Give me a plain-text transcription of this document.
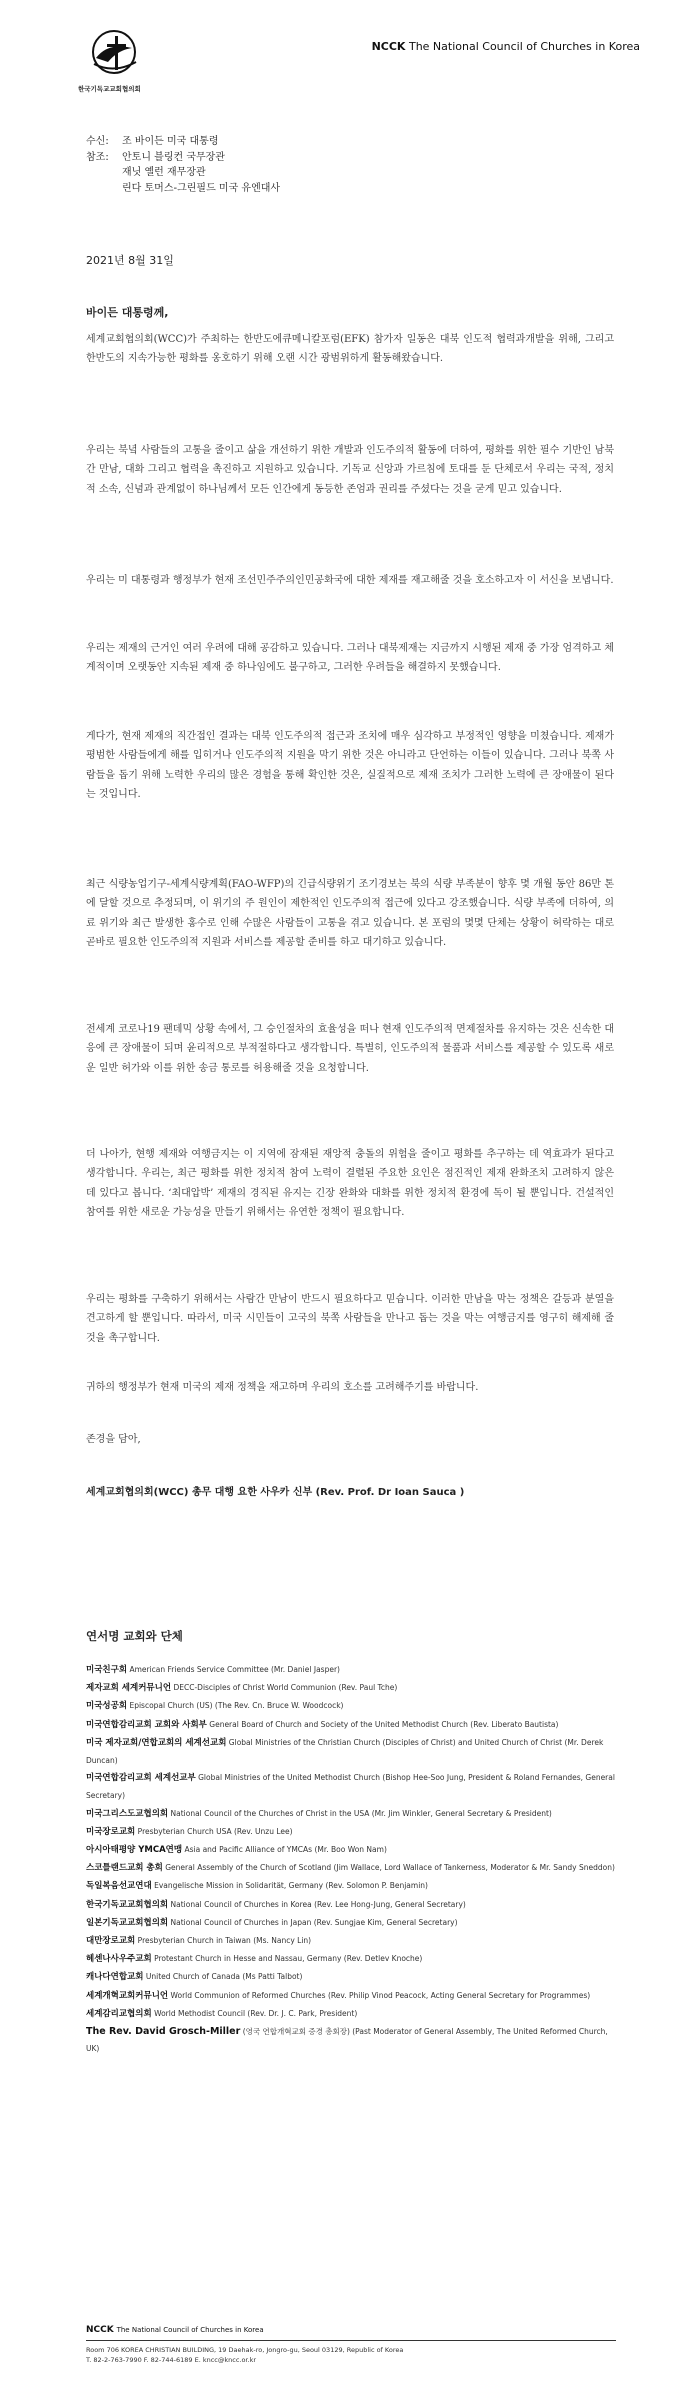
한국기독교교회협의회
NCCK The National Council of Churches in Korea
수신:	조 바이든 미국 대통령
참조:	안토니 블링컨 국무장관
재닛 옐런 재무장관
린다 토머스-그린필드 미국 유엔대사
2021년 8월 31일
바이든 대통령께,
세계교회협의회(WCC)가 주최하는 한반도에큐메니칼포럼(EFK) 참가자 일동은 대북 인도적 협력과개발을 위해, 그리고 한반도의 지속가능한 평화를 옹호하기 위해 오랜 시간 광범위하게 활동해왔습니다.
우리는 북녘 사람들의 고통을 줄이고 삶을 개선하기 위한 개발과 인도주의적 활동에 더하여, 평화를 위한 필수 기반인 남북간 만남, 대화 그리고 협력을 촉진하고 지원하고 있습니다. 기독교 신앙과 가르침에 토대를 둔 단체로서 우리는 국적, 정치적 소속, 신념과 관계없이 하나님께서 모든 인간에게 동등한 존엄과 권리를 주셨다는 것을 굳게 믿고 있습니다.
우리는 미 대통령과 행정부가 현재 조선민주주의인민공화국에 대한 제재를 재고해줄 것을 호소하고자 이 서신을 보냅니다.
우리는 제재의 근거인 여러 우려에 대해 공감하고 있습니다. 그러나 대북제재는 지금까지 시행된 제재 중 가장 엄격하고 체계적이며 오랫동안 지속된 제재 중 하나임에도 불구하고, 그러한 우려들을 해결하지 못했습니다.
게다가, 현재 제재의 직간접인 결과는 대북 인도주의적 접근과 조치에 매우 심각하고 부정적인 영향을 미쳤습니다. 제재가 평범한 사람들에게 해를 입히거나 인도주의적 지원을 막기 위한 것은 아니라고 단언하는 이들이 있습니다. 그러나 북쪽 사람들을 돕기 위해 노력한 우리의 많은 경험을 통해 확인한 것은, 실질적으로 제재 조치가 그러한 노력에 큰 장애물이 된다는 것입니다.
최근 식량농업기구-세계식량계획(FAO-WFP)의 긴급식량위기 조기경보는 북의 식량 부족분이 향후 몇 개월 동안 86만 톤에 달할 것으로 추정되며, 이 위기의 주 원인이 제한적인 인도주의적 접근에 있다고 강조했습니다. 식량 부족에 더하여, 의료 위기와 최근 발생한 홍수로 인해 수많은 사람들이 고통을 겪고 있습니다. 본 포럼의 몇몇 단체는 상황이 허락하는 대로 곧바로 필요한 인도주의적 지원과 서비스를 제공할 준비를 하고 대기하고 있습니다.
전세계 코로나19 팬데믹 상황 속에서, 그 승인절차의 효율성을 떠나 현재 인도주의적 면제절차를 유지하는 것은 신속한 대응에 큰 장애물이 되며 윤리적으로 부적절하다고 생각합니다. 특별히, 인도주의적 물품과 서비스를 제공할 수 있도록 새로운 일반 허가와 이를 위한 송금 통로를 허용해줄 것을 요청합니다.
더 나아가, 현행 제재와 여행금지는 이 지역에 잠재된 재앙적 충돌의 위험을 줄이고 평화를 추구하는 데 역효과가 된다고 생각합니다. 우리는, 최근 평화를 위한 정치적 참여 노력이 결렬된 주요한 요인은 점진적인 제재 완화조치 고려하지 않은 데 있다고 봅니다. ‘최대압박’ 제재의 경직된 유지는 긴장 완화와 대화를 위한 정치적 환경에 독이 될 뿐입니다. 건설적인 참여를 위한 새로운 가능성을 만들기 위해서는 유연한 정책이 필요합니다.
우리는 평화를 구축하기 위해서는 사람간 만남이 반드시 필요하다고 믿습니다. 이러한 만남을 막는 정책은 갈등과 분열을 견고하게 할 뿐입니다. 따라서, 미국 시민들이 고국의 북쪽 사람들을 만나고 돕는 것을 막는 여행금지를 영구히 해제해 줄 것을 촉구합니다.
귀하의 행정부가 현재 미국의 제재 정책을 재고하며 우리의 호소를 고려해주기를 바랍니다.
존경을 담아,
세계교회협의회(WCC) 총무 대행 요한 사우카 신부 (Rev. Prof. Dr Ioan Sauca )
연서명 교회와 단체
미국친구회 American Friends Service Committee (Mr. Daniel Jasper)
제자교회 세계커뮤니언 DECC-Disciples of Christ World Communion (Rev. Paul Tche)
미국성공회 Episcopal Church (US) (The Rev. Cn. Bruce W. Woodcock)
미국연합감리교회 교회와 사회부 General Board of Church and Society of the United Methodist Church (Rev. Liberato Bautista)
미국 제자교회/연합교회의 세계선교회 Global Ministries of the Christian Church (Disciples of Christ) and United Church of Christ (Mr. Derek Duncan)
미국연합감리교회 세계선교부 Global Ministries of the United Methodist Church (Bishop Hee-Soo Jung, President & Roland Fernandes, General Secretary)
미국그리스도교협의회 National Council of the Churches of Christ in the USA (Mr. Jim Winkler, General Secretary & President)
미국장로교회 Presbyterian Church USA (Rev. Unzu Lee)
아시아태평양 YMCA연맹 Asia and Pacific Alliance of YMCAs (Mr. Boo Won Nam)
스코틀랜드교회 총회 General Assembly of the Church of Scotland (Jim Wallace, Lord Wallace of Tankerness, Moderator & Mr. Sandy Sneddon)
독일복음선교연대 Evangelische Mission in Solidarität, Germany (Rev. Solomon P. Benjamin)
한국기독교교회협의회 National Council of Churches in Korea (Rev. Lee Hong-Jung, General Secretary)
일본기독교교회협의회 National Council of Churches in Japan (Rev. Sungjae Kim, General Secretary)
대만장로교회 Presbyterian Church in Taiwan (Ms. Nancy Lin)
헤센나사우주교회 Protestant Church in Hesse and Nassau, Germany (Rev. Detlev Knoche)
캐나다연합교회 United Church of Canada (Ms Patti Talbot)
세계개혁교회커뮤니언 World Communion of Reformed Churches (Rev. Philip Vinod Peacock, Acting General Secretary for Programmes)
세계감리교협의회 World Methodist Council (Rev. Dr. J. C. Park, President)
The Rev. David Grosch-Miller (영국 연합개혁교회 증경 총회장) (Past Moderator of General Assembly, The United Reformed Church, UK)
NCCK The National Council of Churches in Korea
Room 706 KOREA CHRISTIAN BUILDING, 19 Daehak-ro, Jongro-gu, Seoul 03129, Republic of Korea
T. 82-2-763-7990 F. 82-744-6189 E. kncc@kncc.or.kr
